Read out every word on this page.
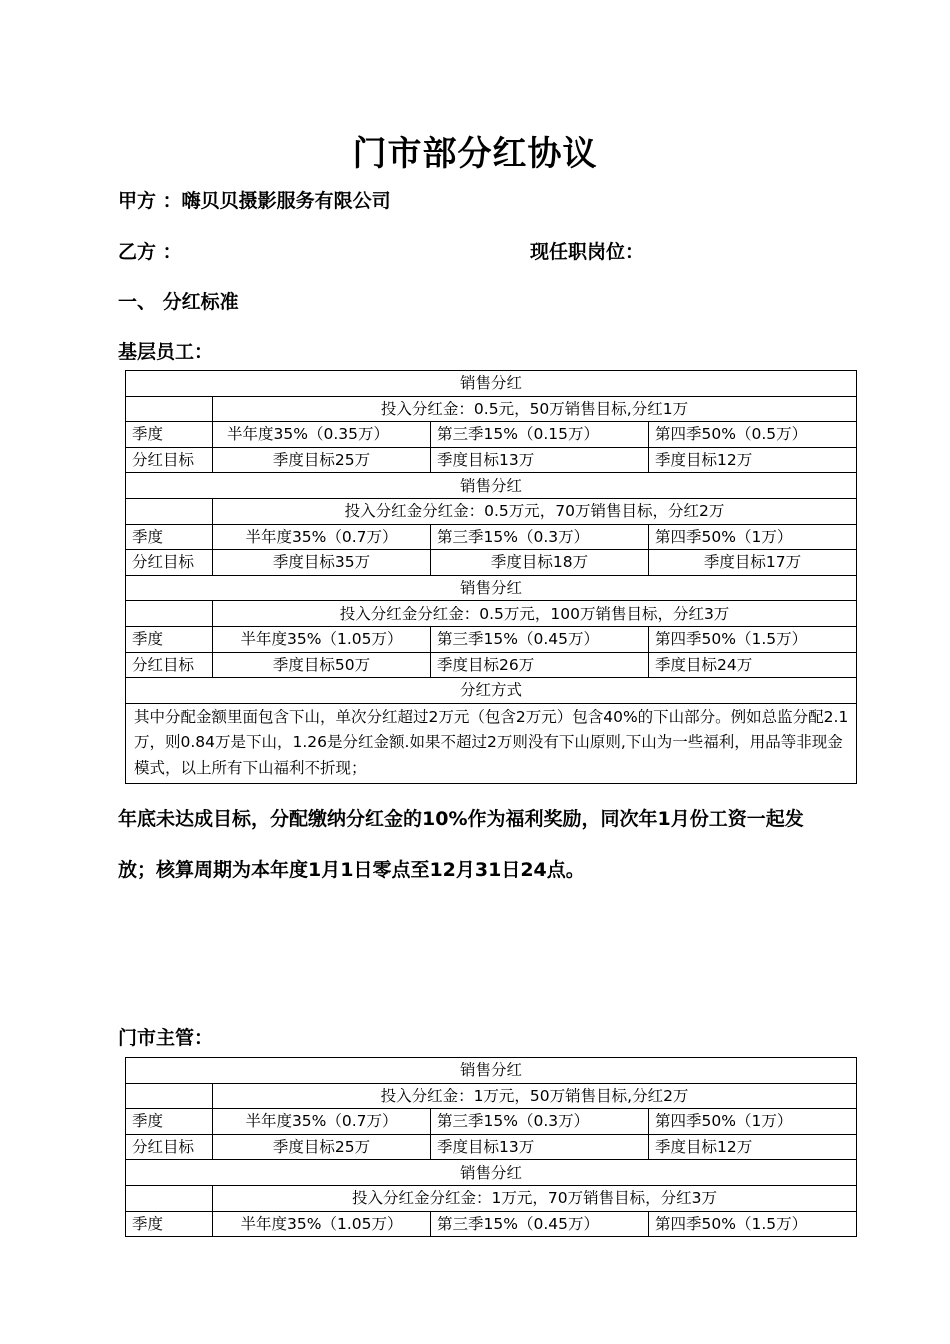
门市部分红协议
甲方 ：嗨贝贝摄影服务有限公司
乙方 ：	现任职岗位：
一、 分红标准
基层员工：
销售分红			
	投入分红金：0.5元，50万销售目标,分红1万		
季度	半年度35%（0.35万）	第三季15%（0.15万）	第四季50%（0.5万）
分红目标	季度目标25万	季度目标13万	季度目标12万
销售分红			
	投入分红金分红金：0.5万元，70万销售目标，分红2万		
季度	半年度35%（0.7万）	第三季15%（0.3万）	第四季50%（1万）
分红目标	季度目标35万	季度目标18万	季度目标17万
销售分红			
	投入分红金分红金：0.5万元，100万销售目标，分红3万		
季度	半年度35%（1.05万）	第三季15%（0.45万）	第四季50%（1.5万）
分红目标	季度目标50万	季度目标26万	季度目标24万
分红方式			
其中分配金额里面包含下山，单次分红超过2万元（包含2万元）包含40%的下山部分。例如总监分配2.1万，则0.84万是下山，1.26是分红金额.如果不超过2万则没有下山原则,下山为一些福利，用品等非现金模式，以上所有下山福利不折现；			
年底未达成目标，分配缴纳分红金的10%作为福利奖励，同次年1月份工资一起发放；核算周期为本年度1月1日零点至12月31日24点。
门市主管：
销售分红			
	投入分红金：1万元，50万销售目标,分红2万		
季度	半年度35%（0.7万）	第三季15%（0.3万）	第四季50%（1万）
分红目标	季度目标25万	季度目标13万	季度目标12万
销售分红			
	投入分红金分红金：1万元，70万销售目标，分红3万		
季度	半年度35%（1.05万）	第三季15%（0.45万）	第四季50%（1.5万）
